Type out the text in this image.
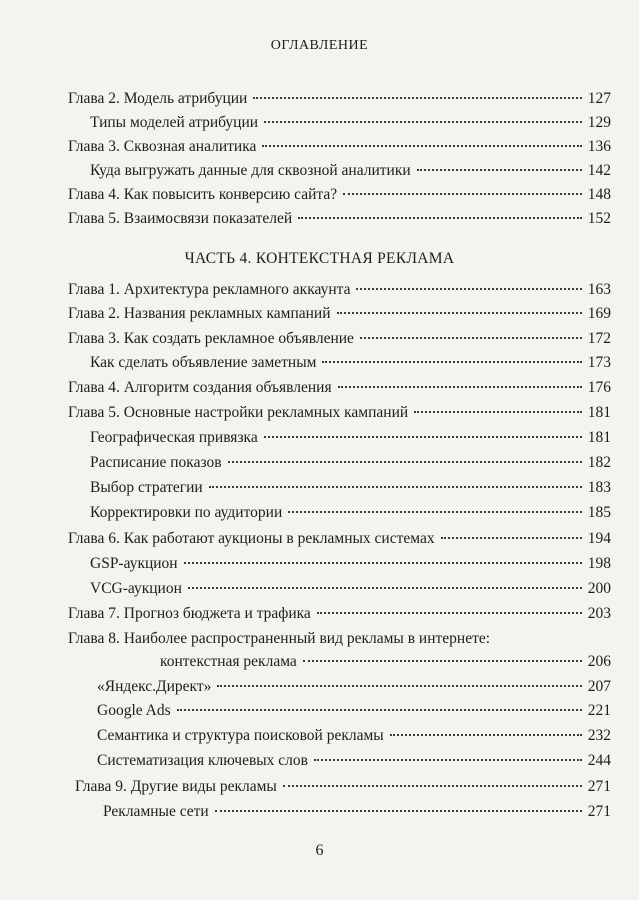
ОГЛАВЛЕНИЕ
Глава 2. Модель атрибуции	127
Типы моделей атрибуции	129
Глава 3. Сквозная аналитика	136
Куда выгружать данные для сквозной аналитики	142
Глава 4. Как повысить конверсию сайта?	148
Глава 5. Взаимосвязи показателей	152
ЧАСТЬ 4. КОНТЕКСТНАЯ РЕКЛАМА
Глава 1. Архитектура рекламного аккаунта	163
Глава 2. Названия рекламных кампаний	169
Глава 3. Как создать рекламное объявление	172
Как сделать объявление заметным	173
Глава 4. Алгоритм создания объявления	176
Глава 5. Основные настройки рекламных кампаний	181
Географическая привязка	181
Расписание показов	182
Выбор стратегии	183
Корректировки по аудитории	185
Глава 6. Как работают аукционы в рекламных системах	194
GSP-аукцион	198
VCG-аукцион	200
Глава 7. Прогноз бюджета и трафика	203
Глава 8. Наиболее распространенный вид рекламы в интернете:
контекстная реклама	206
«Яндекс.Директ»	207
Google Ads	221
Семантика и структура поисковой рекламы	232
Систематизация ключевых слов	244
Глава 9. Другие виды рекламы	271
Рекламные сети	271
6
